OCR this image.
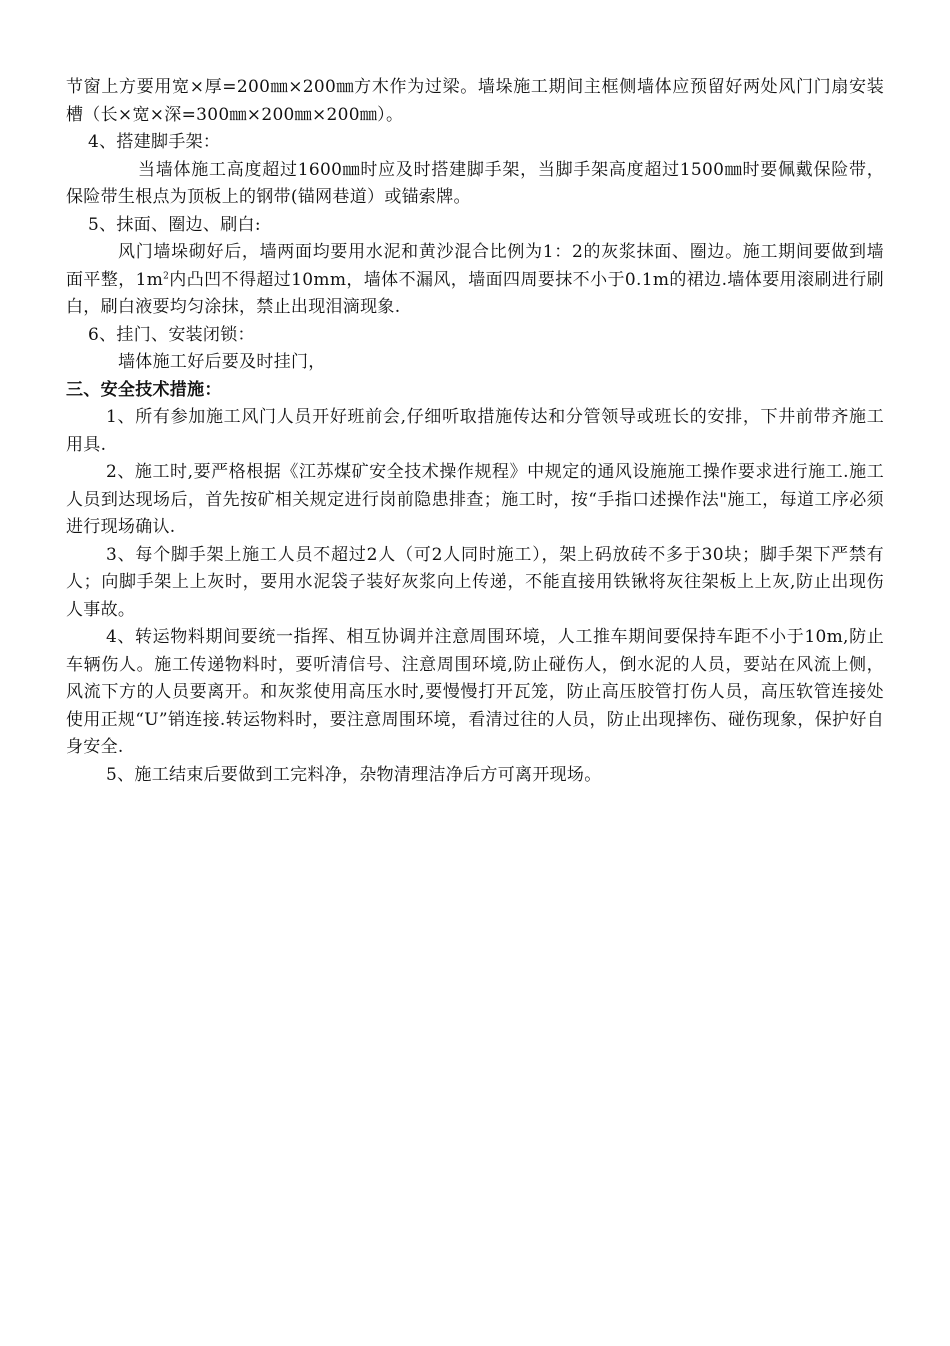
节窗上方要用宽×厚=200㎜×200㎜方木作为过梁。墙垛施工期间主框侧墙体应预留好两处风门门扇安装槽（长×宽×深=300㎜×200㎜×200㎜）。

4、搭建脚手架：

当墙体施工高度超过1600㎜时应及时搭建脚手架，当脚手架高度超过1500㎜时要佩戴保险带，保险带生根点为顶板上的钢带(锚网巷道）或锚索牌。

5、抹面、圈边、刷白:

风门墙垛砌好后，墙两面均要用水泥和黄沙混合比例为1：2的灰浆抹面、圈边。施工期间要做到墙面平整，$1m^2$内凸凹不得超过10mm，墙体不漏风，墙面四周要抹不小于0.1m的裙边.墙体要用滚刷进行刷白，刷白液要均匀涂抹，禁止出现泪滴现象.

6、挂门、安装闭锁：

墙体施工好后要及时挂门，

三、安全技术措施：

1、所有参加施工风门人员开好班前会,仔细听取措施传达和分管领导或班长的安排，下井前带齐施工用具.

2、施工时,要严格根据《江苏煤矿安全技术操作规程》中规定的通风设施施工操作要求进行施工.施工人员到达现场后，首先按矿相关规定进行岗前隐患排查；施工时，按“手指口述操作法"施工，每道工序必须进行现场确认.

3、每个脚手架上施工人员不超过2人（可2人同时施工），架上码放砖不多于30块；脚手架下严禁有人；向脚手架上上灰时，要用水泥袋子装好灰浆向上传递，不能直接用铁锹将灰往架板上上灰,防止出现伤人事故。

4、转运物料期间要统一指挥、相互协调并注意周围环境，人工推车期间要保持车距不小于10m,防止车辆伤人。施工传递物料时，要听清信号、注意周围环境,防止碰伤人，倒水泥的人员，要站在风流上侧，风流下方的人员要离开。和灰浆使用高压水时,要慢慢打开瓦笼，防止高压胶管打伤人员，高压软管连接处使用正规“U”销连接.转运物料时，要注意周围环境，看清过往的人员，防止出现摔伤、碰伤现象，保护好自身安全.

5、施工结束后要做到工完料净，杂物清理洁净后方可离开现场。
